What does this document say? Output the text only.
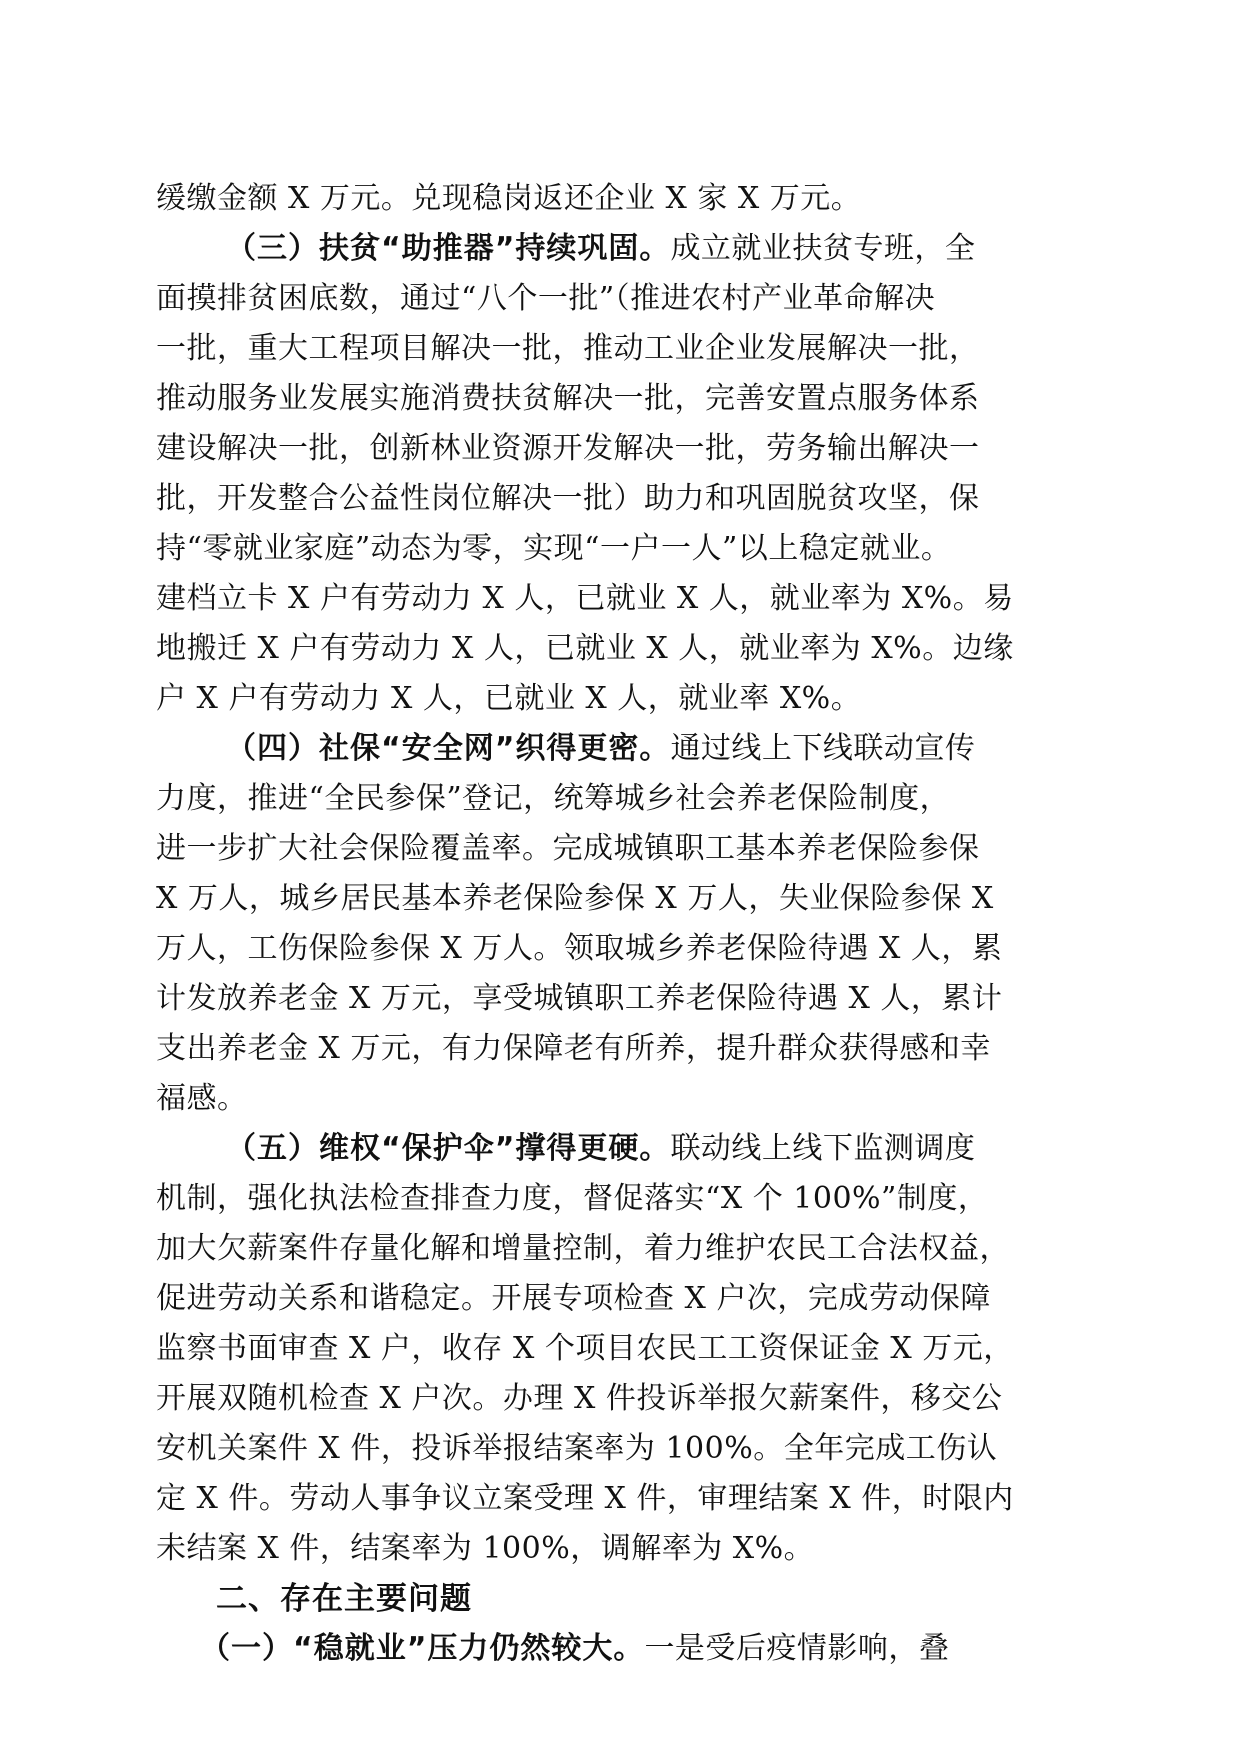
缓缴金额 X 万元。兑现稳岗返还企业 X 家 X 万元。
（三）扶贫“助推器”持续巩固。成立就业扶贫专班，全
面摸排贫困底数，通过“八个一批”（推进农村产业革命解决
一批，重大工程项目解决一批，推动工业企业发展解决一批，
推动服务业发展实施消费扶贫解决一批，完善安置点服务体系
建设解决一批，创新林业资源开发解决一批，劳务输出解决一
批，开发整合公益性岗位解决一批）助力和巩固脱贫攻坚，保
持“零就业家庭”动态为零，实现“一户一人”以上稳定就业。
建档立卡 X 户有劳动力 X 人，已就业 X 人，就业率为 X%。易
地搬迁 X 户有劳动力 X 人，已就业 X 人，就业率为 X%。边缘
户 X 户有劳动力 X 人，已就业 X 人，就业率 X%。
（四）社保“安全网”织得更密。通过线上下线联动宣传
力度，推进“全民参保”登记，统筹城乡社会养老保险制度，
进一步扩大社会保险覆盖率。完成城镇职工基本养老保险参保
X 万人，城乡居民基本养老保险参保 X 万人，失业保险参保 X
万人，工伤保险参保 X 万人。领取城乡养老保险待遇 X 人，累
计发放养老金 X 万元，享受城镇职工养老保险待遇 X 人，累计
支出养老金 X 万元，有力保障老有所养，提升群众获得感和幸
福感。
（五）维权“保护伞”撑得更硬。联动线上线下监测调度
机制，强化执法检查排查力度，督促落实“X 个 100%”制度，
加大欠薪案件存量化解和增量控制，着力维护农民工合法权益，
促进劳动关系和谐稳定。开展专项检查 X 户次，完成劳动保障
监察书面审查 X 户，收存 X 个项目农民工工资保证金 X 万元，
开展双随机检查 X 户次。办理 X 件投诉举报欠薪案件，移交公
安机关案件 X 件，投诉举报结案率为 100%。全年完成工伤认
定 X 件。劳动人事争议立案受理 X 件，审理结案 X 件，时限内
未结案 X 件，结案率为 100%，调解率为 X%。
二、存在主要问题
（一）“稳就业”压力仍然较大。一是受后疫情影响，叠
